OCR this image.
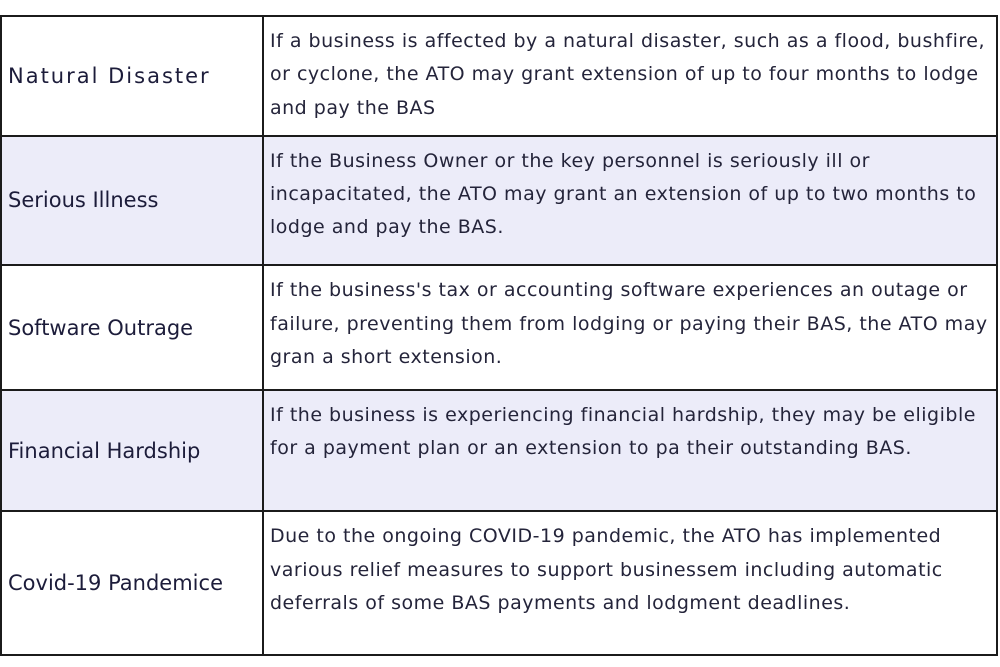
Natural Disaster
If a business is affected by a natural disaster, such as a flood, bushfire, or cyclone, the ATO may grant extension of up to four months to lodge and pay the BAS
Serious Illness
If the Business Owner or the key personnel is seriously ill or incapacitated, the ATO may grant an extension of up to two months to lodge and pay the BAS.
Software Outrage
If the business's tax or accounting software experiences an outage or failure, preventing them from lodging or paying their BAS, the ATO may gran a short extension.
Financial Hardship
If the business is experiencing financial hardship, they may be eligible for a payment plan or an extension to pa their outstanding BAS.
Covid-19 Pandemice
Due to the ongoing COVID-19 pandemic, the ATO has implemented various relief measures to support businessem including automatic deferrals of some BAS payments and lodgment deadlines.
